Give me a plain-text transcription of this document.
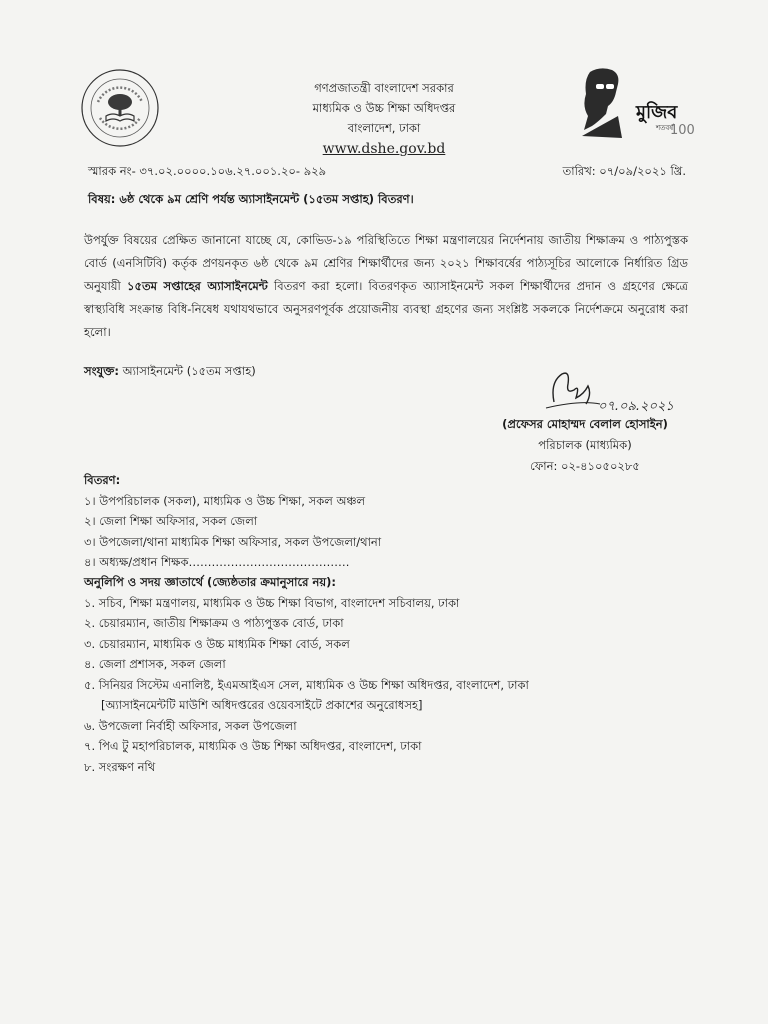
গণপ্রজাতন্ত্রী বাংলাদেশ সরকার
মাধ্যমিক ও উচ্চ শিক্ষা অধিদপ্তর
বাংলাদেশ, ঢাকা
www.dshe.gov.bd
মুজিব
শতবর্ষ
100
স্মারক নং- ৩৭.০২.০০০০.১০৬.২৭.০০১.২০- ৯২৯	তারিখ: ০৭/০৯/২০২১ খ্রি.
বিষয়: ৬ষ্ঠ থেকে ৯ম শ্রেণি পর্যন্ত অ্যাসাইনমেন্ট (১৫তম সপ্তাহ) বিতরণ।
উপর্যুক্ত বিষয়ের প্রেক্ষিত জানানো যাচ্ছে যে, কোভিড-১৯ পরিস্থিতিতে শিক্ষা মন্ত্রণালয়ের নির্দেশনায় জাতীয় শিক্ষাক্রম ও পাঠ্যপুস্তক বোর্ড (এনসিটিবি) কর্তৃক প্রণয়নকৃত ৬ষ্ঠ থেকে ৯ম শ্রেণির শিক্ষার্থীদের জন্য ২০২১ শিক্ষাবর্ষের পাঠ্যসূচির আলোকে নির্ধারিত গ্রিড অনুযায়ী ১৫তম সপ্তাহের অ্যাসাইনমেন্ট বিতরণ করা হলো। বিতরণকৃত অ্যাসাইনমেন্ট সকল শিক্ষার্থীদের প্রদান ও গ্রহণের ক্ষেত্রে স্বাস্থ্যবিধি সংক্রান্ত বিধি-নিষেধ যথাযথভাবে অনুসরণপূর্বক প্রয়োজনীয় ব্যবস্থা গ্রহণের জন্য সংশ্লিষ্ট সকলকে নির্দেশক্রমে অনুরোধ করা হলো।
সংযুক্ত: অ্যাসাইনমেন্ট (১৫তম সপ্তাহ)
০৭.০৯.২০২১
(প্রফেসর মোহাম্মদ বেলাল হোসাইন)
পরিচালক (মাধ্যমিক)
ফোন: ০২-৪১০৫০২৮৫
বিতরণ:
১। উপপরিচালক (সকল), মাধ্যমিক ও উচ্চ শিক্ষা, সকল অঞ্চল
২। জেলা শিক্ষা অফিসার, সকল জেলা
৩। উপজেলা/থানা মাধ্যমিক শিক্ষা অফিসার, সকল উপজেলা/থানা
৪। অধ্যক্ষ/প্রধান শিক্ষক……………………………………
অনুলিপি ও সদয় জ্ঞাতার্থে (জ্যেষ্ঠতার ক্রমানুসারে নয়):
১. সচিব, শিক্ষা মন্ত্রণালয়, মাধ্যমিক ও উচ্চ শিক্ষা বিভাগ, বাংলাদেশ সচিবালয়, ঢাকা
২. চেয়ারম্যান, জাতীয় শিক্ষাক্রম ও পাঠ্যপুস্তক বোর্ড, ঢাকা
৩. চেয়ারম্যান, মাধ্যমিক ও উচ্চ মাধ্যমিক শিক্ষা বোর্ড, সকল
৪. জেলা প্রশাসক, সকল জেলা
৫. সিনিয়র সিস্টেম এনালিষ্ট, ইএমআইএস সেল, মাধ্যমিক ও উচ্চ শিক্ষা অধিদপ্তর, বাংলাদেশ, ঢাকা
[অ্যাসাইনমেন্টটি মাউশি অধিদপ্তরের ওয়েবসাইটে প্রকাশের অনুরোধসহ]
৬. উপজেলা নির্বাহী অফিসার, সকল উপজেলা
৭. পিএ টু মহাপরিচালক, মাধ্যমিক ও উচ্চ শিক্ষা অধিদপ্তর, বাংলাদেশ, ঢাকা
৮. সংরক্ষণ নথি
